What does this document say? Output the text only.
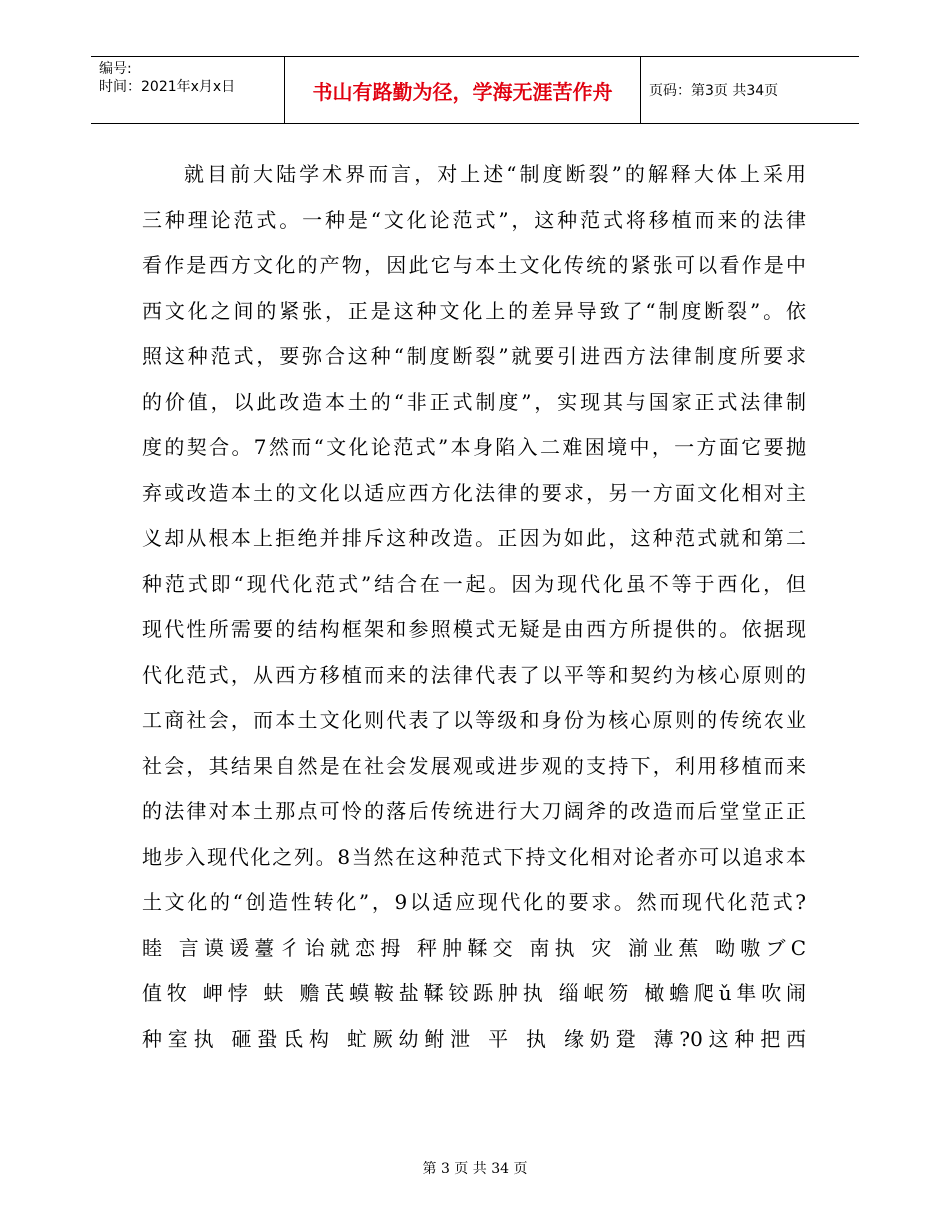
编号:
时间：2021年x月x日	书山有路勤为径，学海无涯苦作舟	页码：第3页 共34页
就目前大陆学术界而言，对上述“制度断裂”的解释大体上采用
三种理论范式。一种是“文化论范式”，这种范式将移植而来的法律
看作是西方文化的产物，因此它与本土文化传统的紧张可以看作是中
西文化之间的紧张，正是这种文化上的差异导致了“制度断裂”。依
照这种范式，要弥合这种“制度断裂”就要引进西方法律制度所要求
的价值，以此改造本土的“非正式制度”，实现其与国家正式法律制
度的契合。7然而“文化论范式”本身陷入二难困境中，一方面它要抛
弃或改造本土的文化以适应西方化法律的要求，另一方面文化相对主
义却从根本上拒绝并排斥这种改造。正因为如此，这种范式就和第二
种范式即“现代化范式”结合在一起。因为现代化虽不等于西化，但
现代性所需要的结构框架和参照模式无疑是由西方所提供的。依据现
代化范式，从西方移植而来的法律代表了以平等和契约为核心原则的
工商社会，而本土文化则代表了以等级和身份为核心原则的传统农业
社会，其结果自然是在社会发展观或进步观的支持下，利用移植而来
的法律对本土那点可怜的落后传统进行大刀阔斧的改造而后堂堂正正
地步入现代化之列。8当然在这种范式下持文化相对论者亦可以追求本
土文化的“创造性转化”，9以适应现代化的要求。然而现代化范式?
睦 言谟谖薹彳诒就恋拇 秤肿鞣交 南执 灾 湔业蕉 呦嗷ブC
值牧 岬悖 蚨 赡芪蟆鞍盐鞣铰跞肿执 缁岷笏 橄蟾爬ǔ隼吹闹
种室执 砸蛩氐构 虻厥幼鲋泄 平 执 缘奶跫 薄?0这种把西
第 3 页 共 34 页
